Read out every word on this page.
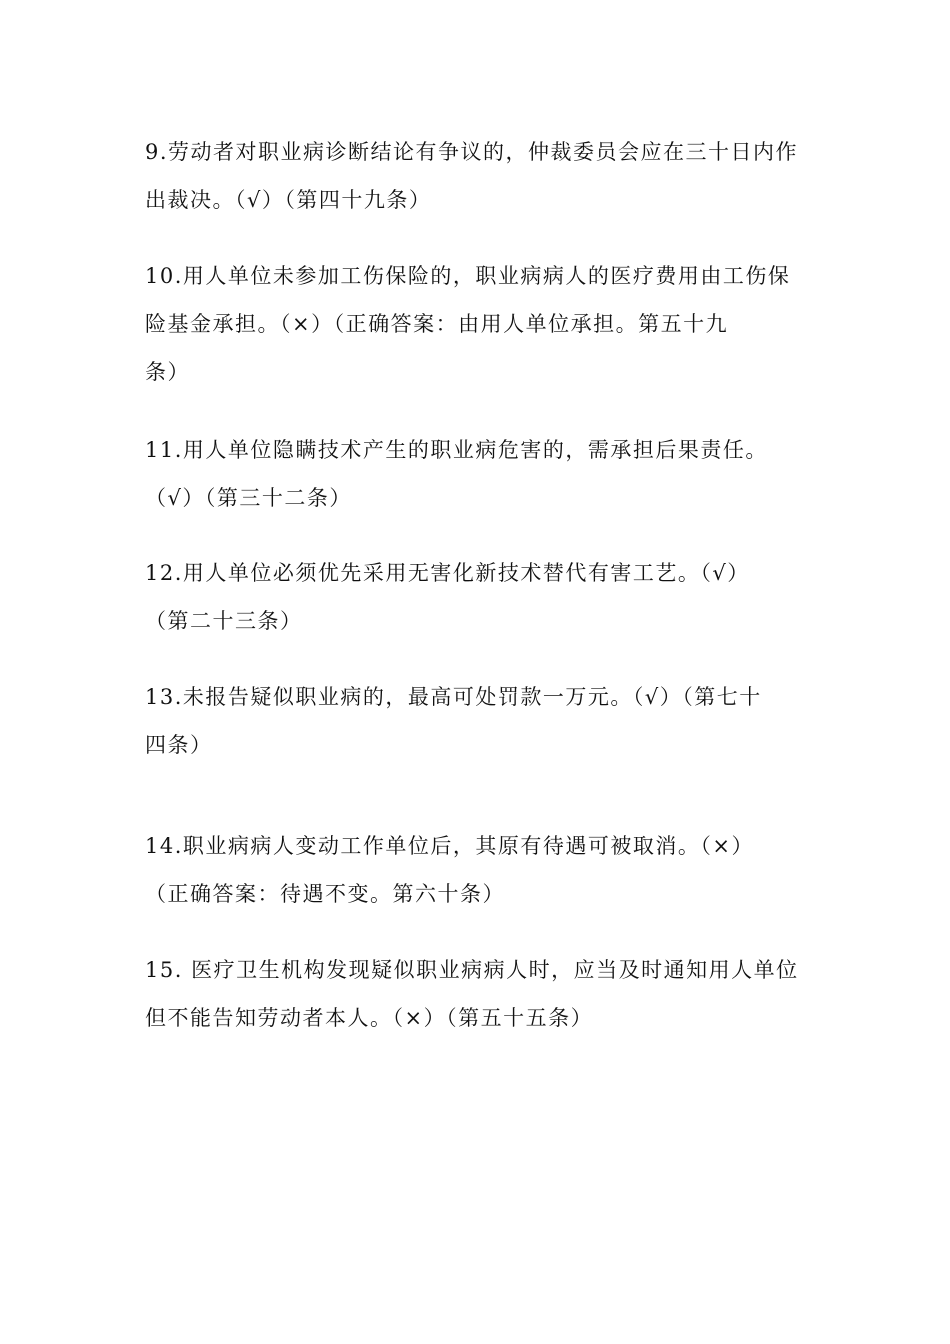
9.劳动者对职业病诊断结论有争议的，仲裁委员会应在三十日内作
出裁决。（√）（第四十九条）

10.用人单位未参加工伤保险的，职业病病人的医疗费用由工伤保
险基金承担。（×）（正确答案：由用人单位承担。第五十九
条）

11.用人单位隐瞒技术产生的职业病危害的，需承担后果责任。
（√）（第三十二条）

12.用人单位必须优先采用无害化新技术替代有害工艺。（√）
（第二十三条）

13.未报告疑似职业病的，最高可处罚款一万元。（√）（第七十
四条）

14.职业病病人变动工作单位后，其原有待遇可被取消。（×）
（正确答案：待遇不变。第六十条）

15. 医疗卫生机构发现疑似职业病病人时，应当及时通知用人单位
但不能告知劳动者本人。（×）（第五十五条）
